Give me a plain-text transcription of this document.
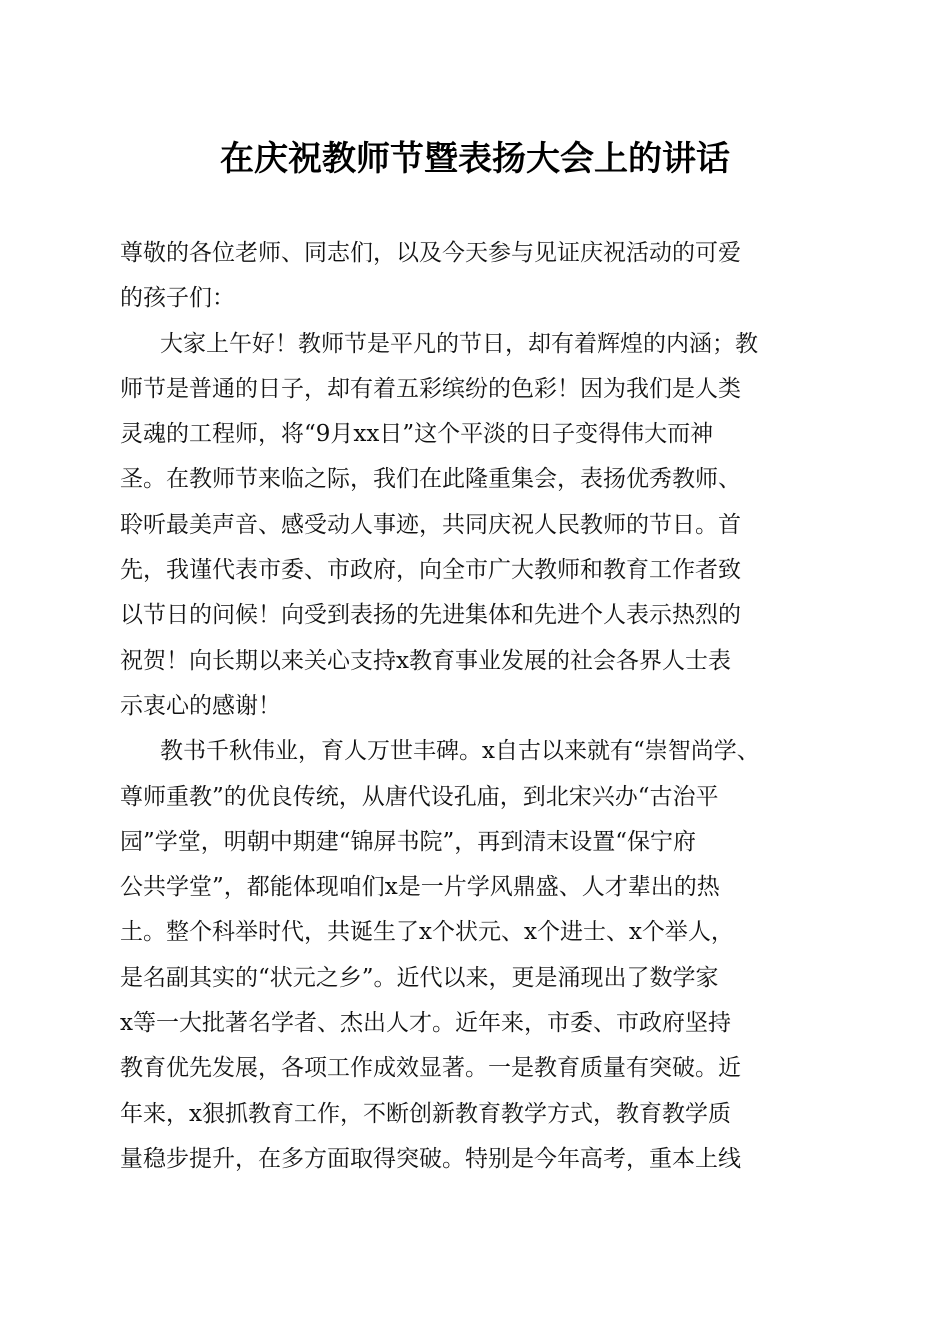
在庆祝教师节暨表扬大会上的讲话
尊敬的各位老师、同志们，以及今天参与见证庆祝活动的可爱
的孩子们：
大家上午好！教师节是平凡的节日，却有着辉煌的内涵；教
师节是普通的日子，却有着五彩缤纷的色彩！因为我们是人类
灵魂的工程师，将“9月xx日”这个平淡的日子变得伟大而神
圣。在教师节来临之际，我们在此隆重集会，表扬优秀教师、
聆听最美声音、感受动人事迹，共同庆祝人民教师的节日。首
先，我谨代表市委、市政府，向全市广大教师和教育工作者致
以节日的问候！向受到表扬的先进集体和先进个人表示热烈的
祝贺！向长期以来关心支持x教育事业发展的社会各界人士表
示衷心的感谢！
教书千秋伟业，育人万世丰碑。x自古以来就有“崇智尚学、
尊师重教”的优良传统，从唐代设孔庙，到北宋兴办“古治平
园”学堂，明朝中期建“锦屏书院”，再到清末设置“保宁府
公共学堂”，都能体现咱们x是一片学风鼎盛、人才辈出的热
土。整个科举时代，共诞生了x个状元、x个进士、x个举人，
是名副其实的“状元之乡”。近代以来，更是涌现出了数学家
x等一大批著名学者、杰出人才。近年来，市委、市政府坚持
教育优先发展，各项工作成效显著。一是教育质量有突破。近
年来，x狠抓教育工作，不断创新教育教学方式，教育教学质
量稳步提升，在多方面取得突破。特别是今年高考，重本上线
